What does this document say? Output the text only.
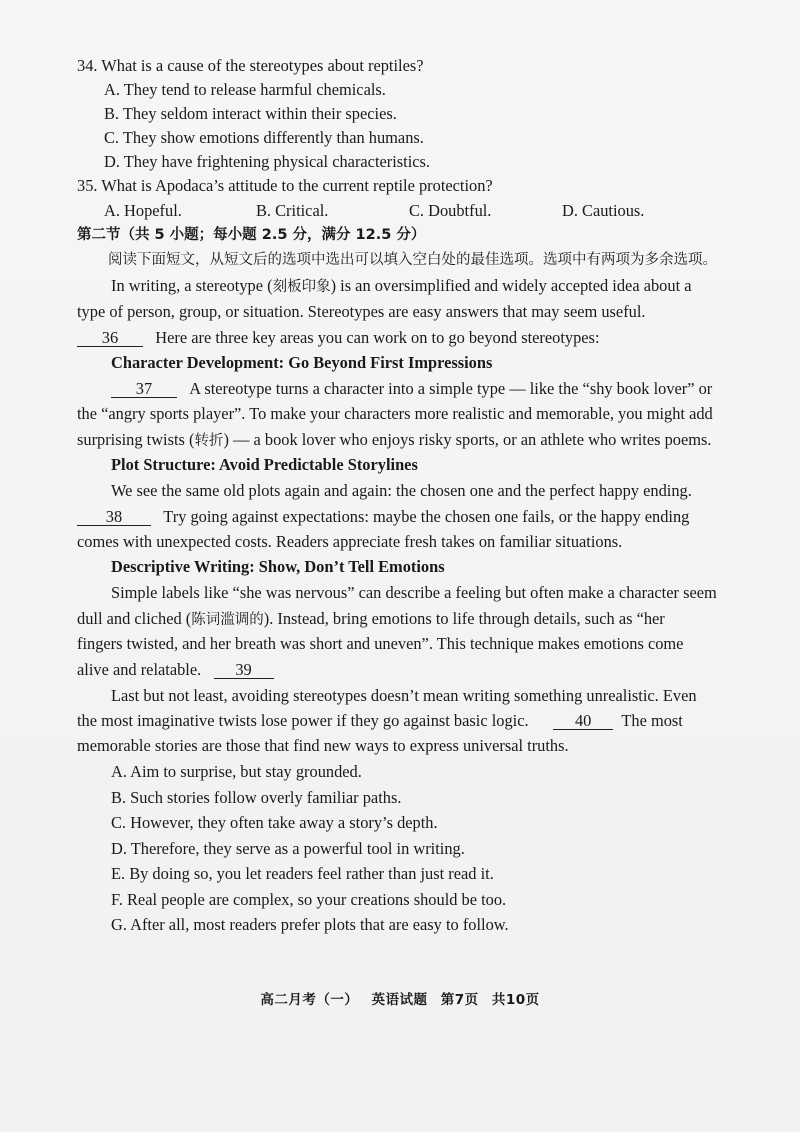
34. What is a cause of the stereotypes about reptiles?
A. They tend to release harmful chemicals.
B. They seldom interact within their species.
C. They show emotions differently than humans.
D. They have frightening physical characteristics.
35. What is Apodaca’s attitude to the current reptile protection?
A. Hopeful.	B. Critical.	C. Doubtful.	D. Cautious.
第二节（共 5 小题；每小题 2.5 分，满分 12.5 分）
阅读下面短文，从短文后的选项中选出可以填入空白处的最佳选项。选项中有两项为多余选项。
In writing, a stereotype (刻板印象) is an oversimplified and widely accepted idea about a
type of person, group, or situation. Stereotypes are easy answers that may seem useful.
36 Here are three key areas you can work on to go beyond stereotypes:
Character Development: Go Beyond First Impressions
37 A stereotype turns a character into a simple type — like the “shy book lover” or
the “angry sports player”. To make your characters more realistic and memorable, you might add
surprising twists (转折) — a book lover who enjoys risky sports, or an athlete who writes poems.
Plot Structure: Avoid Predictable Storylines
We see the same old plots again and again: the chosen one and the perfect happy ending.
38	Try going against expectations: maybe the chosen one fails, or the happy ending
comes with unexpected costs. Readers appreciate fresh takes on familiar situations.
Descriptive Writing: Show, Don’t Tell Emotions
Simple labels like “she was nervous” can describe a feeling but often make a character seem
dull and cliched (陈词滥调的). Instead, bring emotions to life through details, such as “her
fingers twisted, and her breath was short and uneven”. This technique makes emotions come
alive and relatable. 39
Last but not least, avoiding stereotypes doesn’t mean writing something unrealistic. Even
the most imaginative twists lose power if they go against basic logic.	40 The most
memorable stories are those that find new ways to express universal truths.
A. Aim to surprise, but stay grounded.
B. Such stories follow overly familiar paths.
C. However, they often take away a story’s depth.
D. Therefore, they serve as a powerful tool in writing.
E. By doing so, you let readers feel rather than just read it.
F. Real people are complex, so your creations should be too.
G. After all, most readers prefer plots that are easy to follow.
高二月考（一） 英语试题 第7页 共10页
